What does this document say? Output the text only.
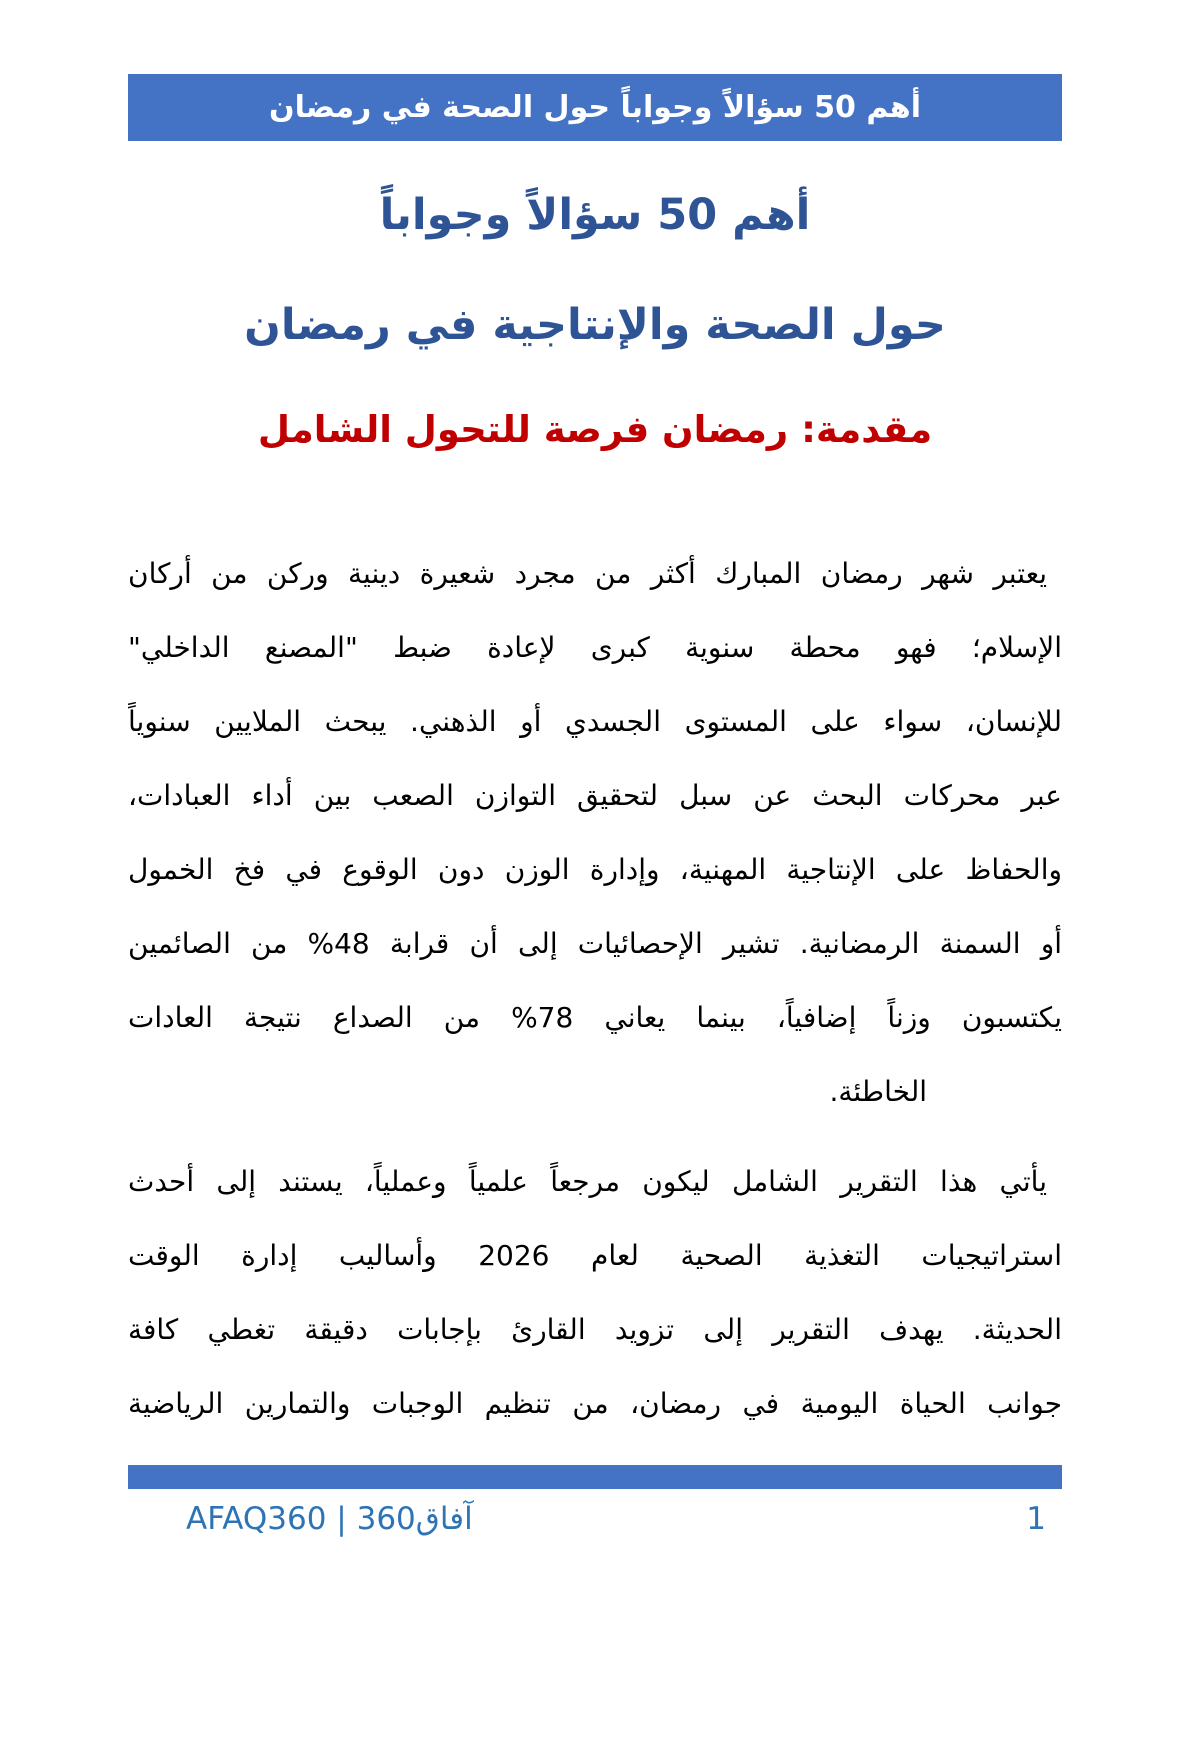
أهم 50 سؤالاً وجواباً حول الصحة في رمضان
أهم 50 سؤالاً وجواباً
حول الصحة والإنتاجية في رمضان
مقدمة: رمضان فرصة للتحول الشامل
يعتبر شهر رمضان المبارك أكثر من مجرد شعيرة دينية وركن من أركان
الإسلام؛ فهو محطة سنوية كبرى لإعادة ضبط "المصنع الداخلي"
للإنسان، سواء على المستوى الجسدي أو الذهني. يبحث الملايين سنوياً
عبر محركات البحث عن سبل لتحقيق التوازن الصعب بين أداء العبادات،
والحفاظ على الإنتاجية المهنية، وإدارة الوزن دون الوقوع في فخ الخمول
أو السمنة الرمضانية. تشير الإحصائيات إلى أن قرابة 48% من الصائمين
يكتسبون وزناً إضافياً، بينما يعاني 78% من الصداع نتيجة العادات
الخاطئة.
يأتي هذا التقرير الشامل ليكون مرجعاً علمياً وعملياً، يستند إلى أحدث
استراتيجيات التغذية الصحية لعام 2026 وأساليب إدارة الوقت
الحديثة. يهدف التقرير إلى تزويد القارئ بإجابات دقيقة تغطي كافة
جوانب الحياة اليومية في رمضان، من تنظيم الوجبات والتمارين الرياضية
آفاق360 | AFAQ360	1
